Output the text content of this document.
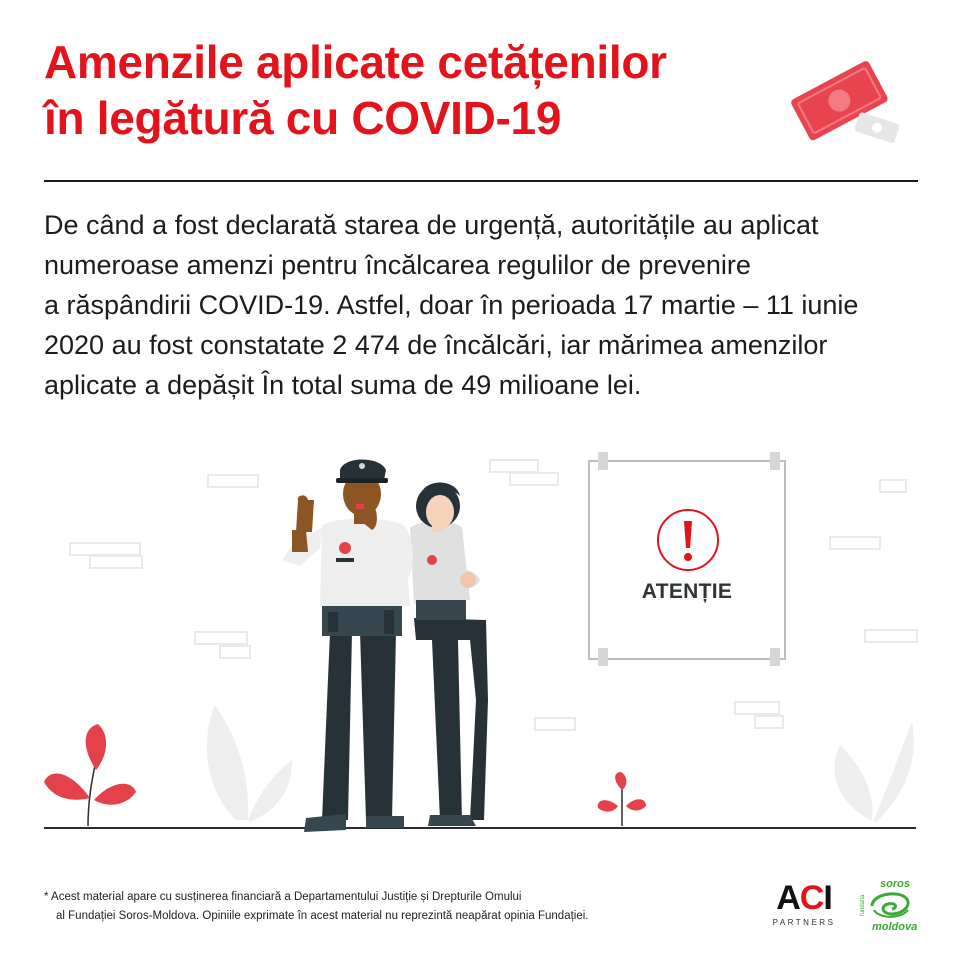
Amenzile aplicate cetățenilor
în legătură cu COVID-19
De când a fost declarată starea de urgență, autoritățile au aplicat
numeroase amenzi pentru încălcarea regulilor de prevenire
a răspândirii COVID-19. Astfel, doar în perioada 17 martie – 11 iunie
2020 au fost constatate 2 474 de încălcări, iar mărimea amenzilor
aplicate a depășit În total suma de 49 milioane lei.
ATENȚIE
* Acest material apare cu susținerea financiară a Departamentului Justiție și Drepturile Omului
al Fundației Soros-Moldova. Opiniile exprimate în acest material nu reprezintă neapărat opinia Fundației.	ACI
PARTNERS
fundatia
soros
moldova
